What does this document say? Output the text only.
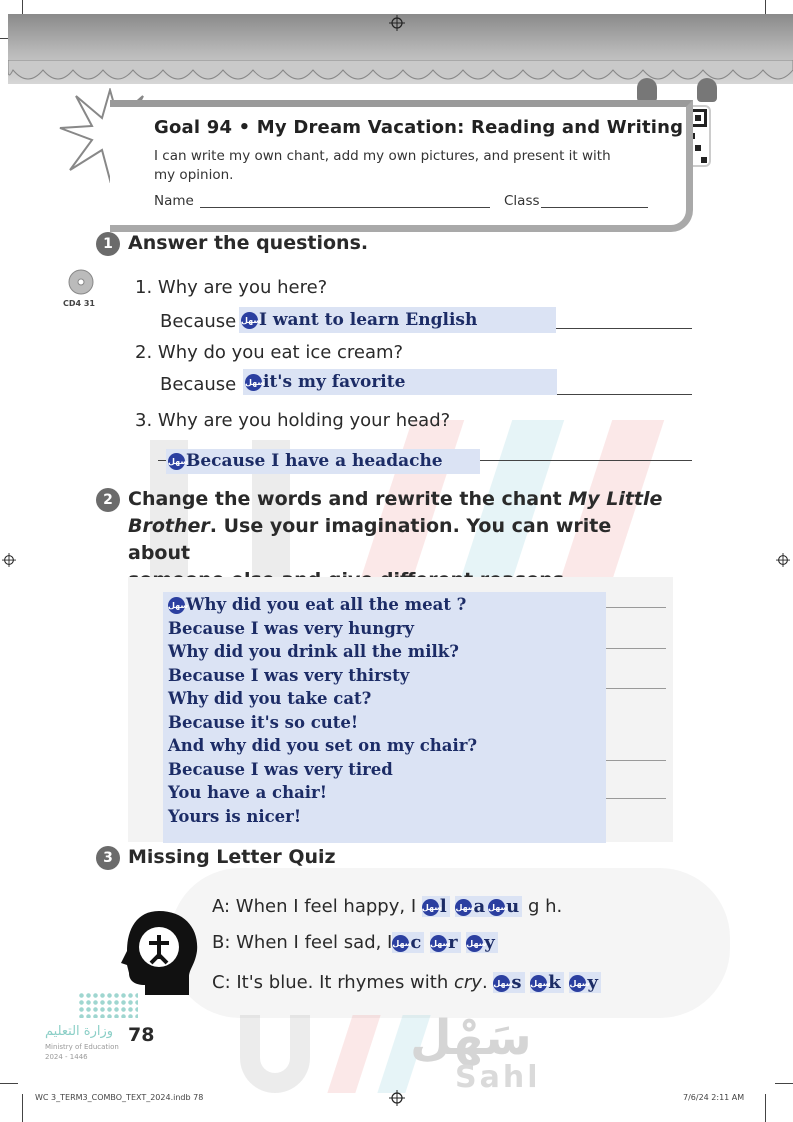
Goal 94 • My Dream Vacation: Reading and Writing
I can write my own chant, add my own pictures, and present it with my opinion.
Name	Class
1 Answer the questions.
CD4 31
1. Why are you here?
Because سهلI want to learn English
2. Why do you eat ice cream?
Because سهلit's my favorite
3. Why are you holding your head?
سهلBecause I have a headache
2 Change the words and rewrite the chant My Little
Brother. Use your imagination. You can write about

سهلWhy did you eat all the meat ?
Because I was very hungry
Why did you drink all the milk?
Because I was very thirsty
Why did you take cat?
Because it's so cute!
And why did you set on my chair?
Because I was very tired
You have a chair!
Yours is nicer!
3 Missing Letter Quiz
A: When I feel happy, I سهلl سهلa سهلu g h.
B: When I feel sad, Iسهلc سهلr سهلy
C: It's blue. It rhymes with cry. سهلs سهلk سهلy
سَهْل
Sahl
وزارة التعليم
Ministry of Education
2024 - 1446
78
WC 3_TERM3_COMBO_TEXT_2024.indb 78	7/6/24 2:11 AM
